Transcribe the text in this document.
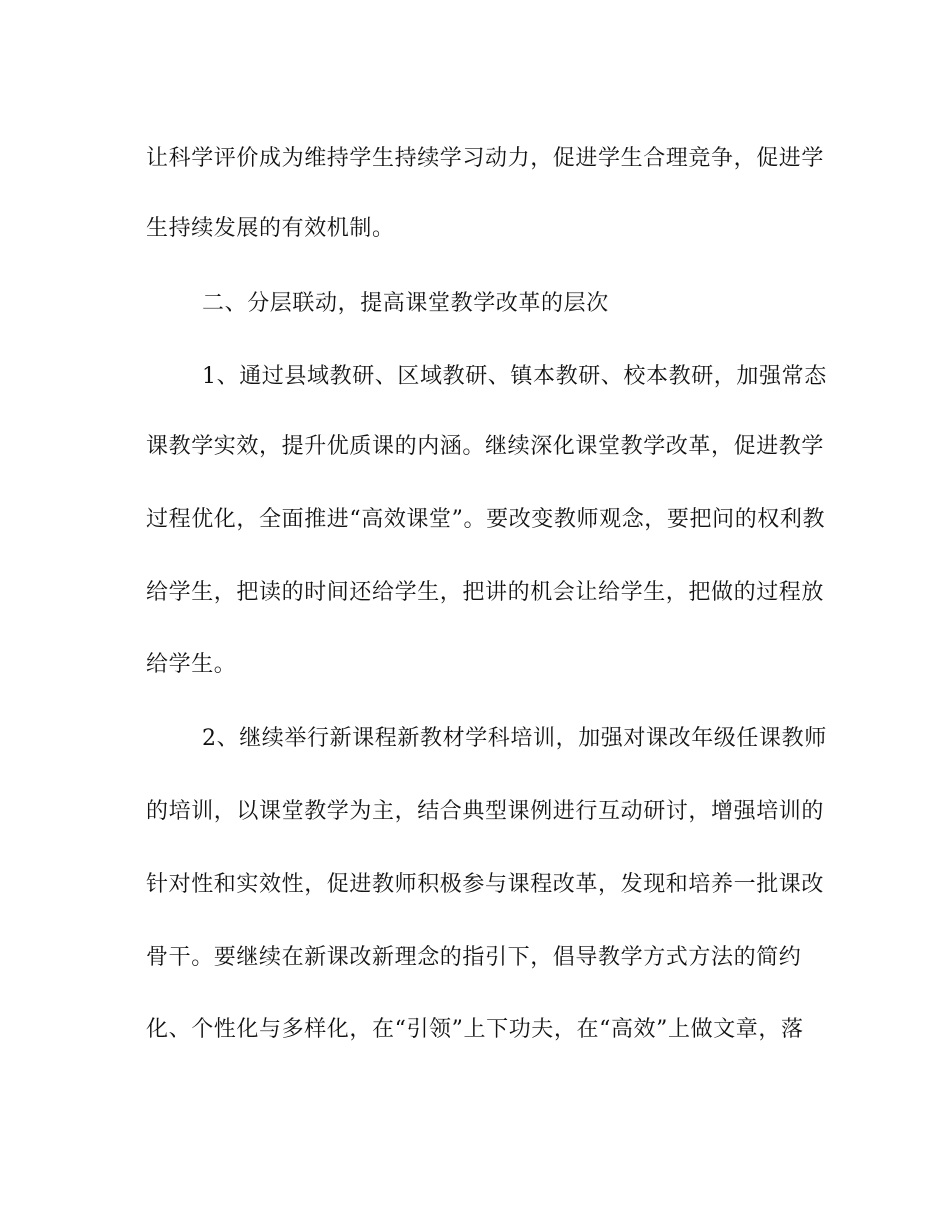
让科学评价成为维持学生持续学习动力，促进学生合理竞争，促进学
生持续发展的有效机制。
二、分层联动，提高课堂教学改革的层次
1、通过县域教研、区域教研、镇本教研、校本教研，加强常态
课教学实效，提升优质课的内涵。继续深化课堂教学改革，促进教学
过程优化，全面推进“高效课堂”。要改变教师观念，要把问的权利教
给学生，把读的时间还给学生，把讲的机会让给学生，把做的过程放
给学生。
2、继续举行新课程新教材学科培训，加强对课改年级任课教师
的培训，以课堂教学为主，结合典型课例进行互动研讨，增强培训的
针对性和实效性，促进教师积极参与课程改革，发现和培养一批课改
骨干。要继续在新课改新理念的指引下，倡导教学方式方法的简约
化、个性化与多样化，在“引领”上下功夫，在“高效”上做文章，落
